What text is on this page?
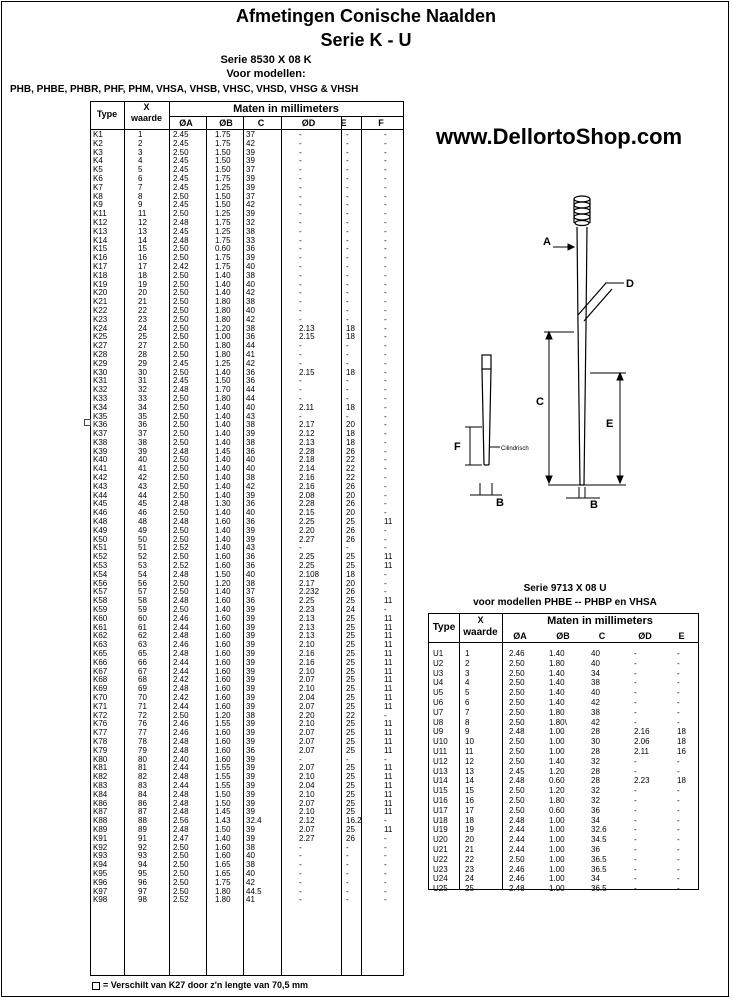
Afmetingen Conische Naalden
Serie K - U
Serie 8530 X 08 K
Voor modellen:
PHB, PHBE, PHBR, PHF, PHM, VHSA, VHSB, VHSC, VHSD, VHSG & VHSH
Type
X
waarde
Maten in millimeters
ØA	ØB	C	ØD	E	F
K1	1	2.45	1.75 37	-	-	-
K2	2	2.45	1.75 42	-	-	-
K3	3	2.50	1.50 39	-	-	-
K4	4	2.45	1.50 39	-	-	-
K5	5	2.45	1.50 37	-	-	-
K6	6	2.45	1.75 39	-	-	-
K7	7	2.45	1.25 39	-	-	-
K8	8	2.50	1.50 37	-	-	-
K9	9	2.45	1.50 42	-	-	-
K11	11	2.50	1.25 39	-	-	-
K12	12	2.48	1.75 32	-	-	-
K13	13	2.45	1.25 38	-	-	-
K14	14	2.48	1.75 33	-	-	-
K15	15	2.50	0.60 36	-	-	-
K16	16	2.50	1.75 39	-	-	-
K17	17	2.42	1.75 40	-	-	-
K18	18	2.50	1.40 38	-	-	-
K19	19	2.50	1.40 40	-	-	-
K20	20	2.50	1.40 42	-	-	-
K21	21	2.50	1.80 38	-	-	-
K22	22	2.50	1.80 40	-	-	-
K23	23	2.50	1.80 42	-	-	-
K24	24	2.50	1.20 38	2.13	18	-
K25	25	2.50	1.00 36	2.15	18	-
K27	27	2.50	1.80 44	-	-	-
K28	28	2.50	1.80 41	-	-	-
K29	29	2.45	1.25 42	-	-	-
K30	30	2.50	1.40 36	2.15	18	-
K31	31	2.45	1.50 36	-	-	-
K32	32	2.48	1.70 44	-	-	-
K33	33	2.50	1.80 44	-	-	-
K34	34	2.50	1.40 40	2.11	18	-
K35	35	2.50	1.40 43	-	-	-
K36	36	2.50	1.40 38	2.17	20	-
K37	37	2.50	1.40 39	2.12	18	-
K38	38	2.50	1.40 38	2.13	18	-
K39	39	2.48	1.45 36	2.28	26	-
K40	40	2.50	1.40 40	2.18	22	-
K41	41	2.50	1.40 40	2.14	22	-
K42	42	2.50	1.40 38	2.16	22	-
K43	43	2.50	1.40 42	2.16	26	-
K44	44	2.50	1.40 39	2.08	20	-
K45	45	2.48	1.30 36	2.28	26	-
K46	46	2.50	1.40 40	2.15	20	-
K48	48	2.48	1.60 36	2.25	25	11
K49	49	2.50	1.40 39	2.20	26	-
K50	50	2.50	1.40 39	2.27	26	-
K51	51	2.52	1.40 43	-	-	-
K52	52	2.50	1.60 36	2.25	25	11
K53	53	2.52	1.60 36	2.25	25	11
K54	54	2.48	1.50 40	2.108	18	-
K56	56	2.50	1.20 38	2.17	20	-
K57	57	2.50	1.40 37	2.232	26	-
K58	58	2.48	1.60 36	2.25	25	11
K59	59	2.50	1.40 39	2.23	24	-
K60	60	2.46	1.60 39	2.13	25	11
K61	61	2.44	1.60 39	2.13	25	11
K62	62	2.48	1.60 39	2.13	25	11
K63	63	2.46	1.60 39	2.10	25	11
K65	65	2.48	1.60 39	2.16	25	11
K66	66	2.44	1.60 39	2.16	25	11
K67	67	2.44	1.60 39	2.10	25	11
K68	68	2.42	1.60 39	2.07	25	11
K69	69	2.48	1.60 39	2.10	25	11
K70	70	2.42	1.60 39	2.04	25	11
K71	71	2.44	1.60 39	2.07	25	11
K72	72	2.50	1.20 38	2.20	22	-
K76	76	2.46	1.55 39	2.10	25	11
K77	77	2.46	1.60 39	2.07	25	11
K78	78	2.48	1.60 39	2.07	25	11
K79	79	2.48	1.60 36	2.07	25	11
K80	80	2.40	1.60 39	-	-	-
K81	81	2.44	1.55 39	2.07	25	11
K82	82	2.48	1.55 39	2.10	25	11
K83	83	2.44	1.55 39	2.04	25	11
K84	84	2.48	1.50 39	2.10	25	11
K86	86	2.48	1.50 39	2.07	25	11
K87	87	2.48	1.45 39	2.10	25	11
K88	88	2.56	1.43 32.4	2.12	16.2	-
K89	89	2.48	1.50 39	2.07	25	11
K91	91	2.47	1.40 39	2.27	26	-
K92	92	2.50	1.60 38	-	-	-
K93	93	2.50	1.60 40	-	-	-
K94	94	2.50	1.65 38	-	-	-
K95	95	2.50	1.65 40	-	-	-
K96	96	2.50	1.75 42	-	-	-
K97	97	2.50	1.80 44.5	-	-	-
K98	98	2.52	1.80 41	-	-	-
= Verschilt van K27 door z'n lengte van 70,5 mm
www.DellortoShop.com
A
D
C
E
F	Cilindrisch
B	B
Serie 9713 X 08 U
voor modellen PHBE -- PHBP en VHSA
Type
X
waarde
Maten in millimeters
ØA	ØB	C	ØD	E
U1	1	2.46	1.40	40	-	-
U2	2	2.50	1.80	40	-	-
U3	3	2.50	1.40	34	-	-
U4	4	2.50	1.40	38	-	-
U5	5	2.50	1.40	40	-	-
U6	6	2.50	1.40	42	-	-
U7	7	2.50	1.80	38	-	-
U8	8	2.50	1.80\	42	-	-
U9	9	2.48	1.00	28	2.16	18
U10 10	2.50	1.00	30	2.06	18
U11 11	2.50	1.00	28	2.11	16
U12 12	2.50	1.40	32	-	-
U13 13	2.45	1.20	28	-	-
U14 14	2.48	0.60	28	2.23	18
U15 15	2.50	1.20	32	-	-
U16 16	2.50	1.80	32	-	-
U17 17	2.50	0.60	36	-	-
U18 18	2.48	1.00	34	-	-
U19 19	2.44	1.00	32.6	-	-
U20 20	2.44	1.00	34.5	-	-
U21 21	2.44	1.00	36	-	-
U22 22	2.50	1.00	36.5	-	-
U23 23	2.46	1.00	36.5	-	-
U24 24	2.46	1.00	34	-	-
U25 25	2.48	1.00	36.5	-	-
